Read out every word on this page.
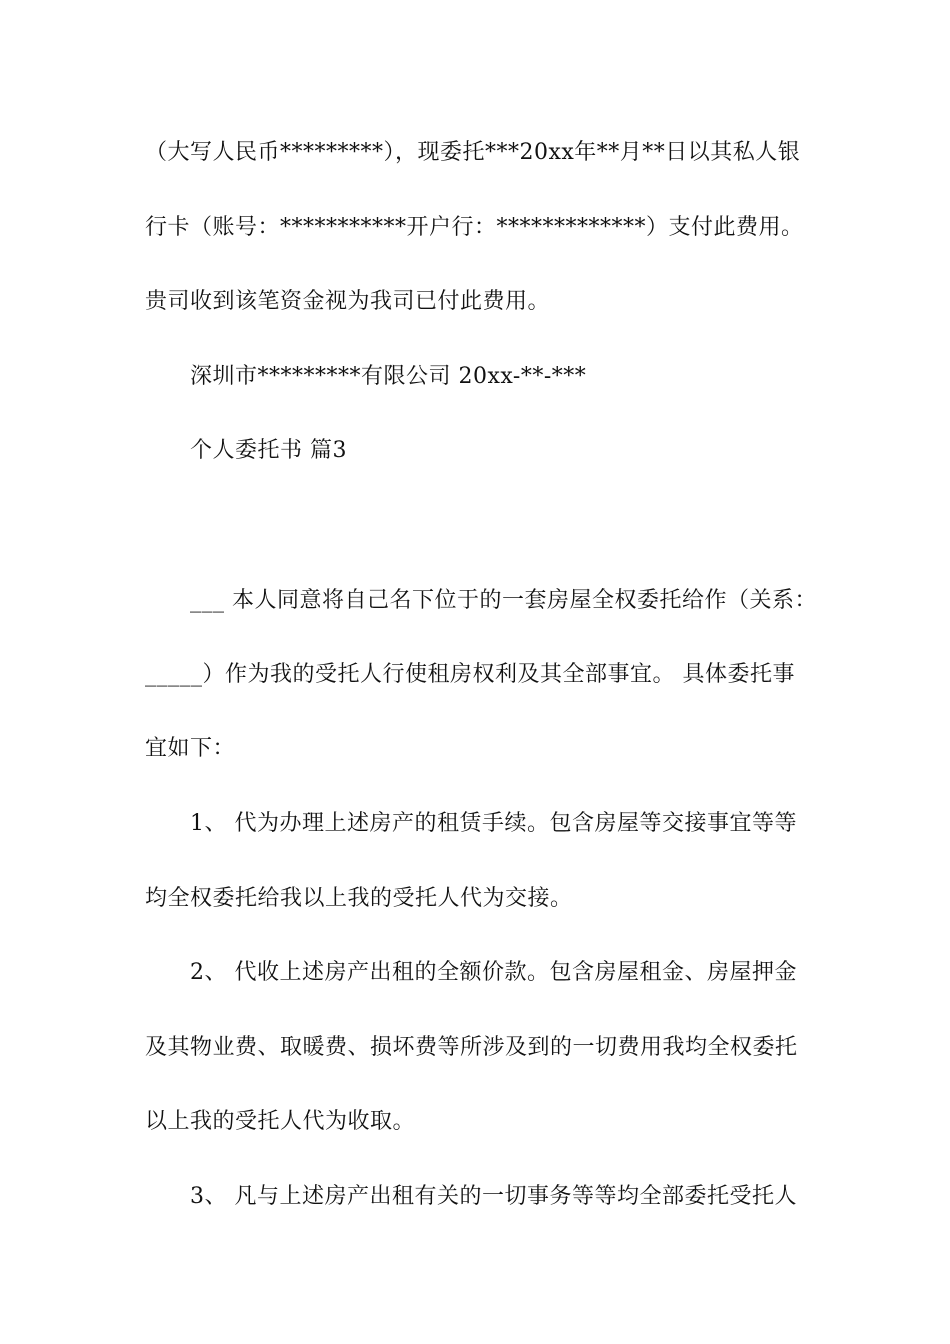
（大写人民币*********），现委托***20xx年**月**日以其私人银
行卡（账号：***********开户行：*************）支付此费用。
贵司收到该笔资金视为我司已付此费用。
深圳市*********有限公司 20xx-**-***
个人委托书 篇3
___ 本人同意将自己名下位于的一套房屋全权委托给作（关系：
_____）作为我的受托人行使租房权利及其全部事宜。 具体委托事
宜如下：
1、 代为办理上述房产的租赁手续。包含房屋等交接事宜等等
均全权委托给我以上我的受托人代为交接。
2、 代收上述房产出租的全额价款。包含房屋租金、房屋押金
及其物业费、取暖费、损坏费等所涉及到的一切费用我均全权委托
以上我的受托人代为收取。
3、 凡与上述房产出租有关的一切事务等等均全部委托受托人
